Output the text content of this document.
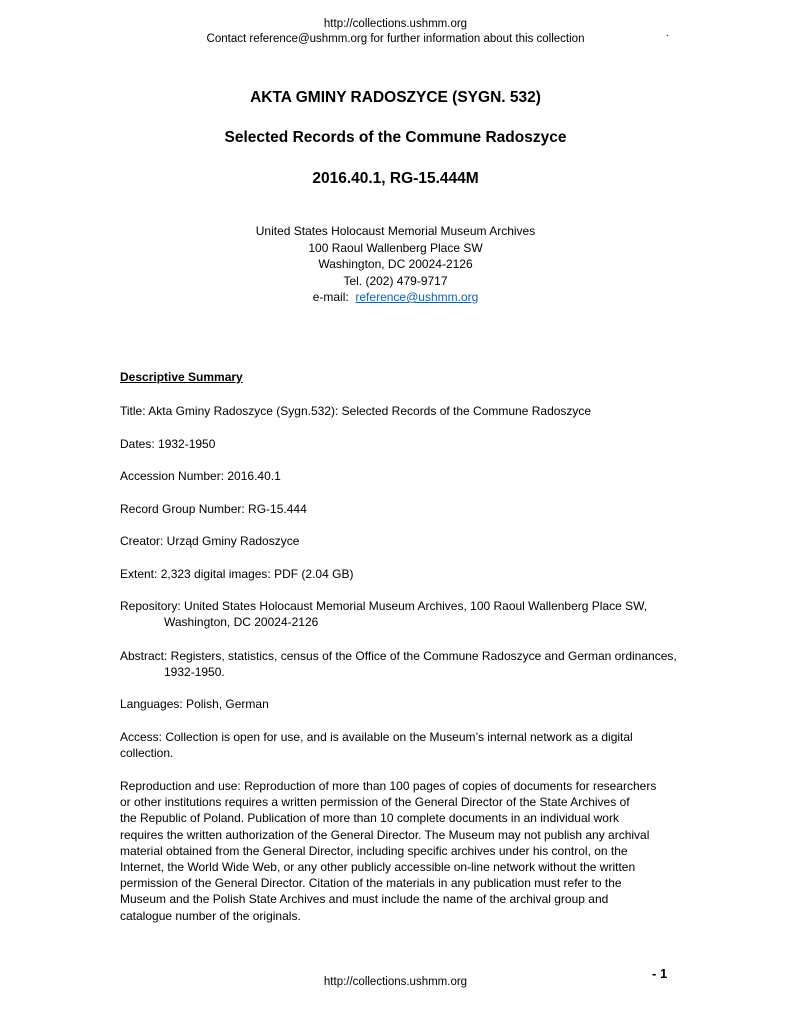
http://collections.ushmm.org
Contact reference@ushmm.org for further information about this collection	.
AKTA GMINY RADOSZYCE (SYGN. 532)
Selected Records of the Commune Radoszyce
2016.40.1, RG-15.444M
United States Holocaust Memorial Museum Archives
100 Raoul Wallenberg Place SW
Washington, DC 20024-2126
Tel. (202) 479-9717
e-mail:  reference@ushmm.org
Descriptive Summary
Title: Akta Gminy Radoszyce (Sygn.532): Selected Records of the Commune Radoszyce
Dates: 1932-1950
Accession Number: 2016.40.1
Record Group Number: RG-15.444
Creator: Urząd Gminy Radoszyce
Extent: 2,323 digital images: PDF (2.04 GB)
Repository: United States Holocaust Memorial Museum Archives, 100 Raoul Wallenberg Place SW,
Washington, DC 20024-2126
Abstract: Registers, statistics, census of the Office of the Commune Radoszyce and German ordinances,
1932-1950.
Languages: Polish, German
Access: Collection is open for use, and is available on the Museum’s internal network as a digital
collection.
Reproduction and use: Reproduction of more than 100 pages of copies of documents for researchers
or other institutions requires a written permission of the General Director of the State Archives of
the Republic of Poland. Publication of more than 10 complete documents in an individual work
requires the written authorization of the General Director. The Museum may not publish any archival
material obtained from the General Director, including specific archives under his control, on the
Internet, the World Wide Web, or any other publicly accessible on-line network without the written
permission of the General Director. Citation of the materials in any publication must refer to the
Museum and the Polish State Archives and must include the name of the archival group and
catalogue number of the originals.
- 1
http://collections.ushmm.org
